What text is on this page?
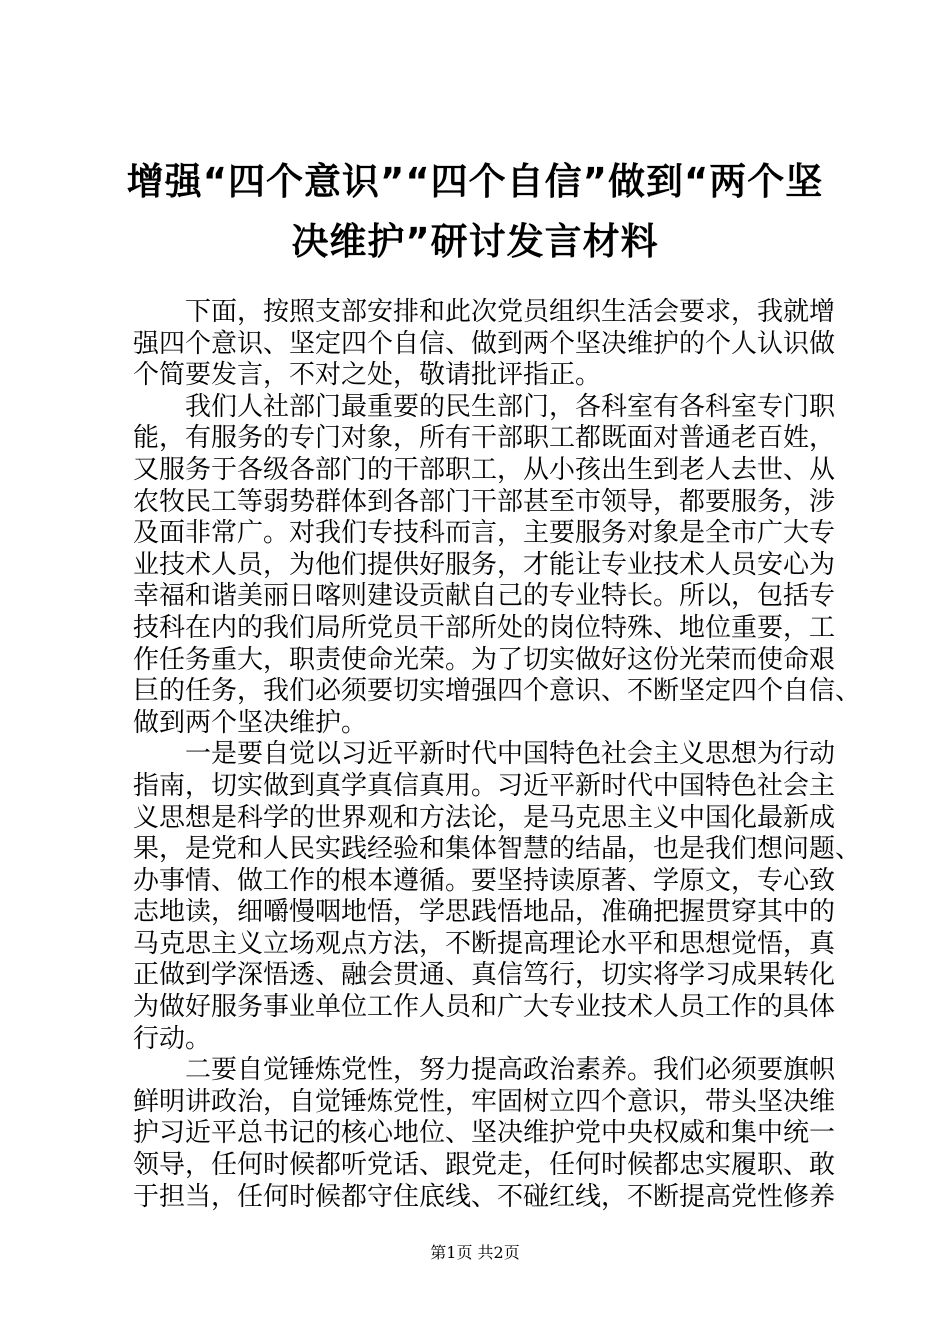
增强“四个意识”“四个自信”做到“两个坚
决维护”研讨发言材料
　　下面，按照支部安排和此次党员组织生活会要求，我就增
强四个意识、坚定四个自信、做到两个坚决维护的个人认识做
个简要发言，不对之处，敬请批评指正。
　　我们人社部门最重要的民生部门，各科室有各科室专门职
能，有服务的专门对象，所有干部职工都既面对普通老百姓，
又服务于各级各部门的干部职工，从小孩出生到老人去世、从
农牧民工等弱势群体到各部门干部甚至市领导，都要服务，涉
及面非常广。对我们专技科而言，主要服务对象是全市广大专
业技术人员，为他们提供好服务，才能让专业技术人员安心为
幸福和谐美丽日喀则建设贡献自己的专业特长。所以，包括专
技科在内的我们局所党员干部所处的岗位特殊、地位重要，工
作任务重大，职责使命光荣。为了切实做好这份光荣而使命艰
巨的任务，我们必须要切实增强四个意识、不断坚定四个自信、
做到两个坚决维护。
　　一是要自觉以习近平新时代中国特色社会主义思想为行动
指南，切实做到真学真信真用。习近平新时代中国特色社会主
义思想是科学的世界观和方法论，是马克思主义中国化最新成
果，是党和人民实践经验和集体智慧的结晶，也是我们想问题、
办事情、做工作的根本遵循。要坚持读原著、学原文，专心致
志地读，细嚼慢咽地悟，学思践悟地品，准确把握贯穿其中的
马克思主义立场观点方法，不断提高理论水平和思想觉悟，真
正做到学深悟透、融会贯通、真信笃行，切实将学习成果转化
为做好服务事业单位工作人员和广大专业技术人员工作的具体
行动。
　　二要自觉锤炼党性，努力提高政治素养。我们必须要旗帜
鲜明讲政治，自觉锤炼党性，牢固树立四个意识，带头坚决维
护习近平总书记的核心地位、坚决维护党中央权威和集中统一
领导，任何时候都听党话、跟党走，任何时候都忠实履职、敢
于担当，任何时候都守住底线、不碰红线，不断提高党性修养
第1页 共2页
